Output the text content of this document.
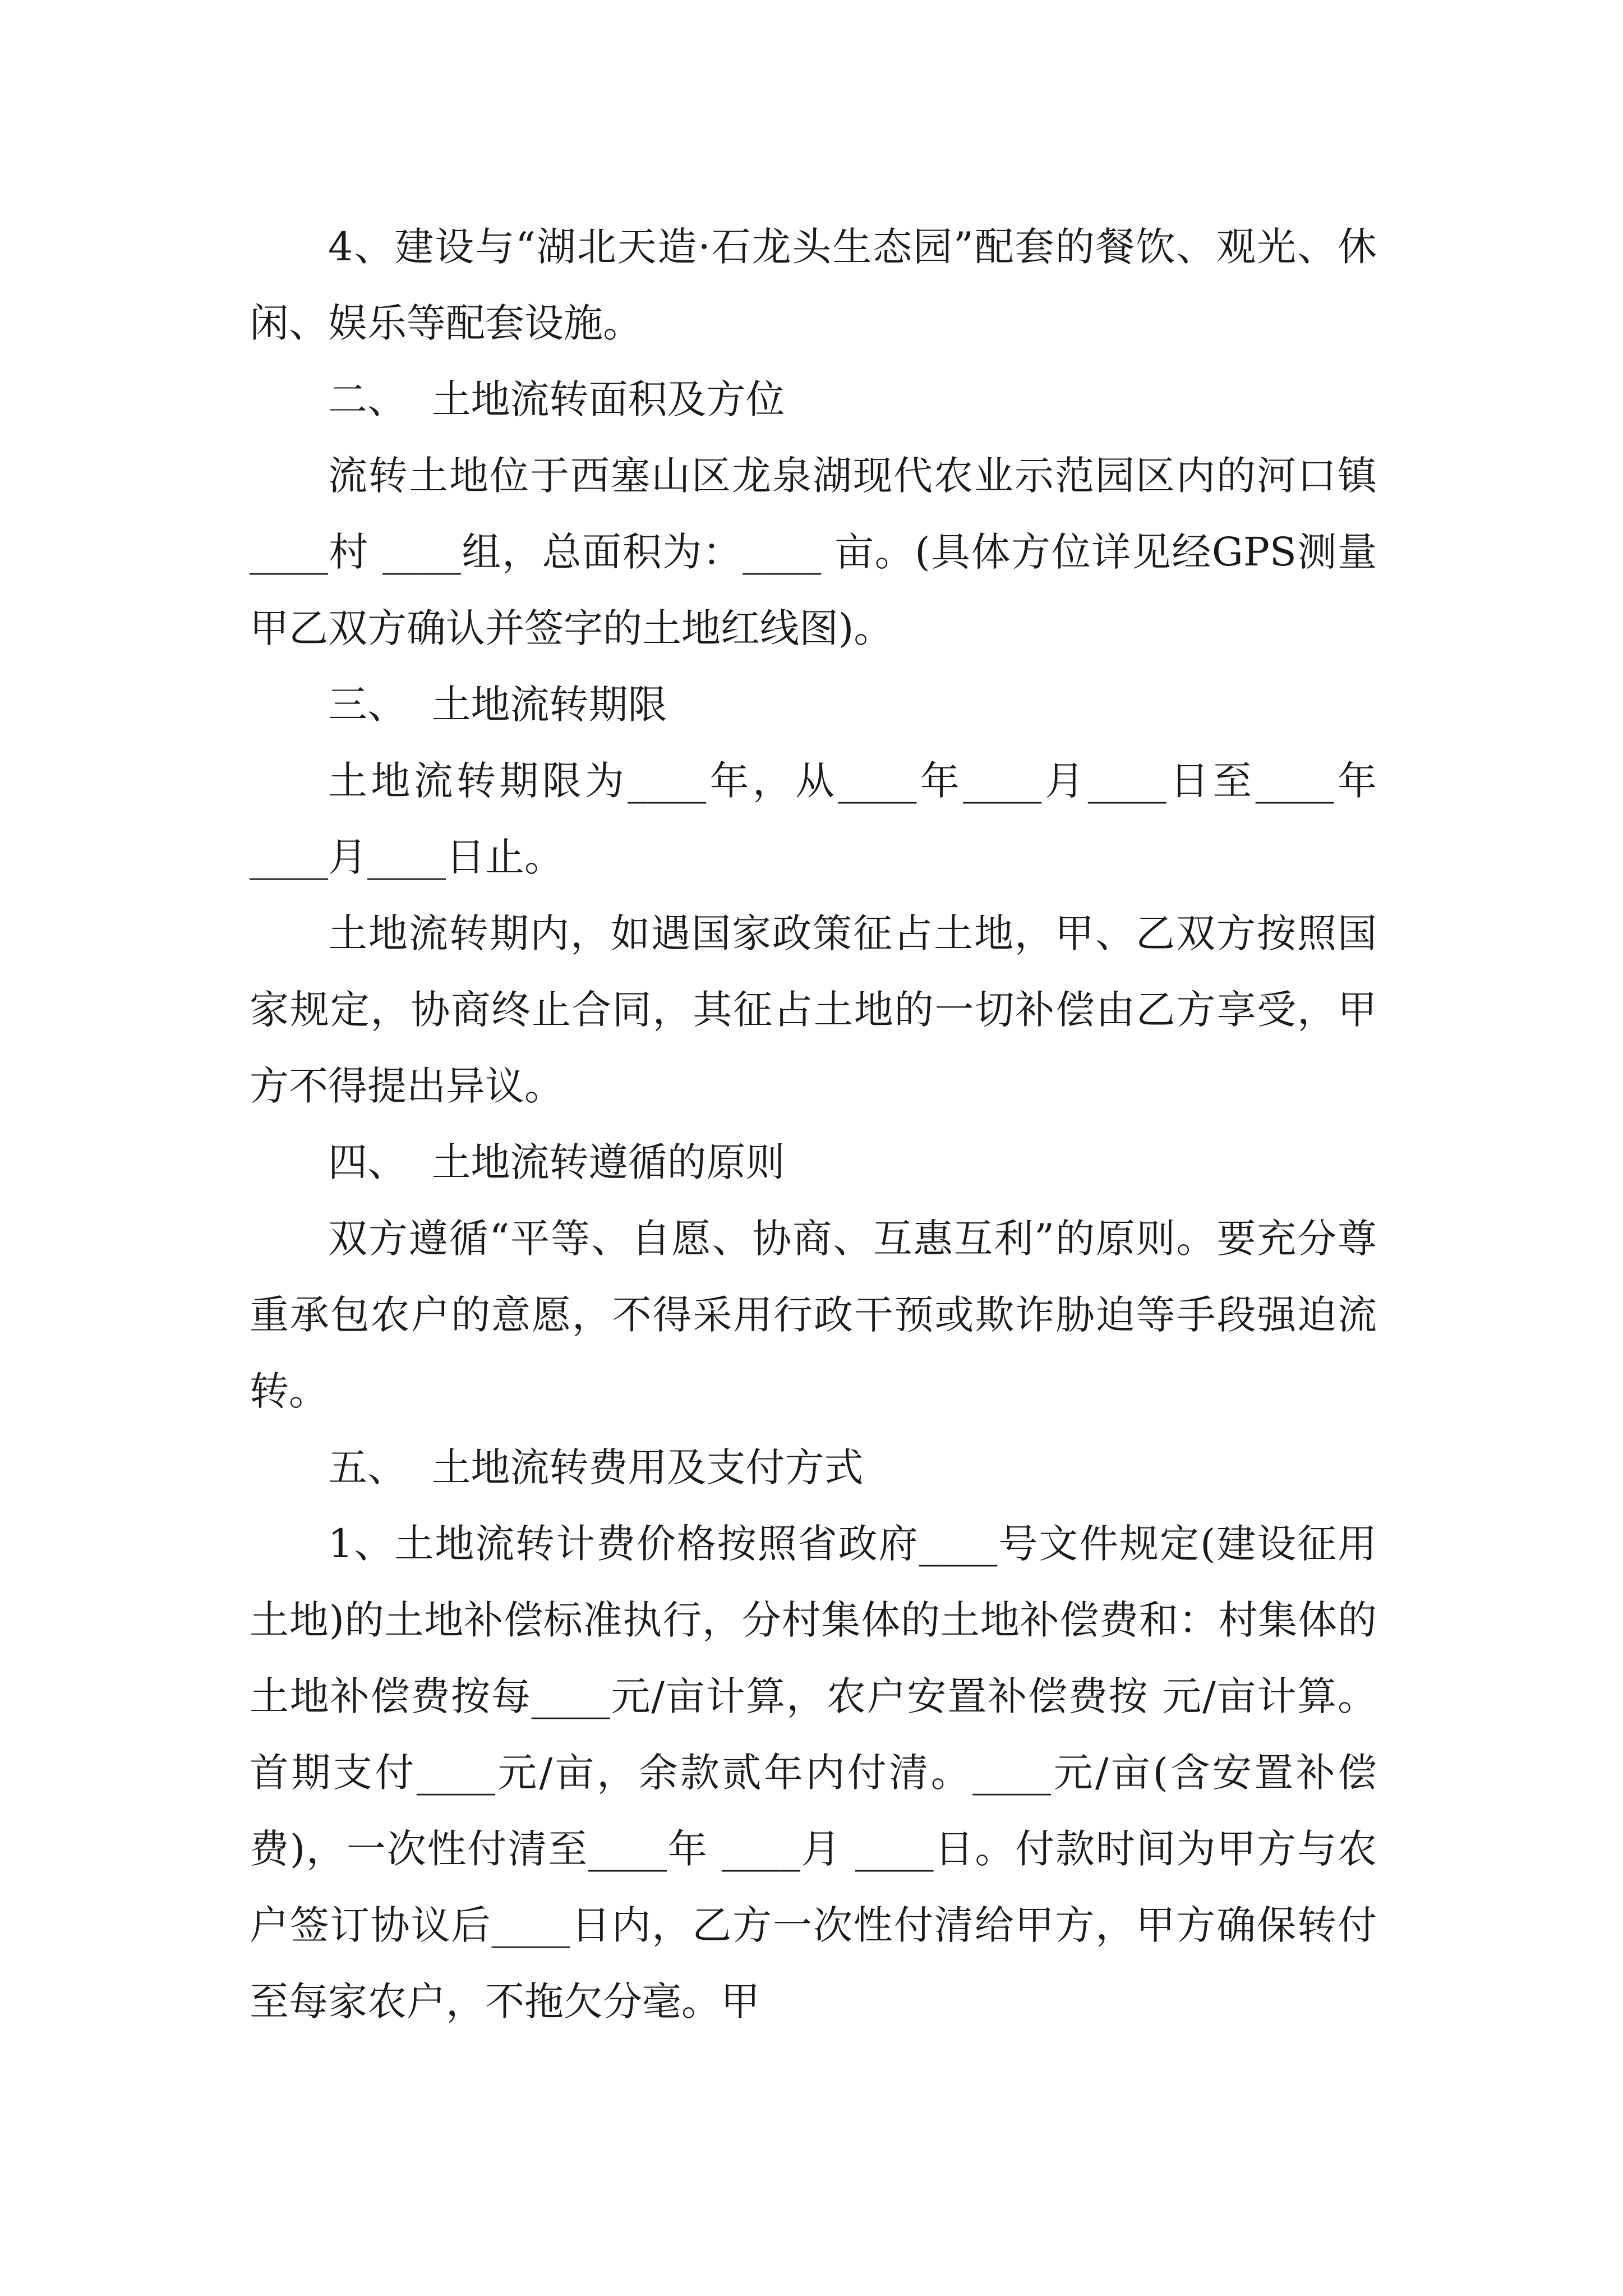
4、建设与“湖北天造·石龙头生态园”配套的餐饮、观光、休闲、娱乐等配套设施。

二、  土地流转面积及方位

流转土地位于西塞山区龙泉湖现代农业示范园区内的河口镇____村 ____组，总面积为：____ 亩。(具体方位详见经GPS测量甲乙双方确认并签字的土地红线图)。

三、  土地流转期限

土地流转期限为____年，从____年____月____日至____年____月____日止。

土地流转期内，如遇国家政策征占土地，甲、乙双方按照国家规定，协商终止合同，其征占土地的一切补偿由乙方享受，甲方不得提出异议。

四、  土地流转遵循的原则

双方遵循“平等、自愿、协商、互惠互利”的原则。要充分尊重承包农户的意愿，不得采用行政干预或欺诈胁迫等手段强迫流转。

五、  土地流转费用及支付方式

1、土地流转计费价格按照省政府____号文件规定(建设征用土地)的土地补偿标准执行，分村集体的土地补偿费和：村集体的土地补偿费按每____元/亩计算，农户安置补偿费按 元/亩计算。首期支付____元/亩，余款贰年内付清。____元/亩(含安置补偿费)，一次性付清至____年 ____月 ____日。付款时间为甲方与农户签订协议后____日内，乙方一次性付清给甲方，甲方确保转付至每家农户，不拖欠分毫。甲
